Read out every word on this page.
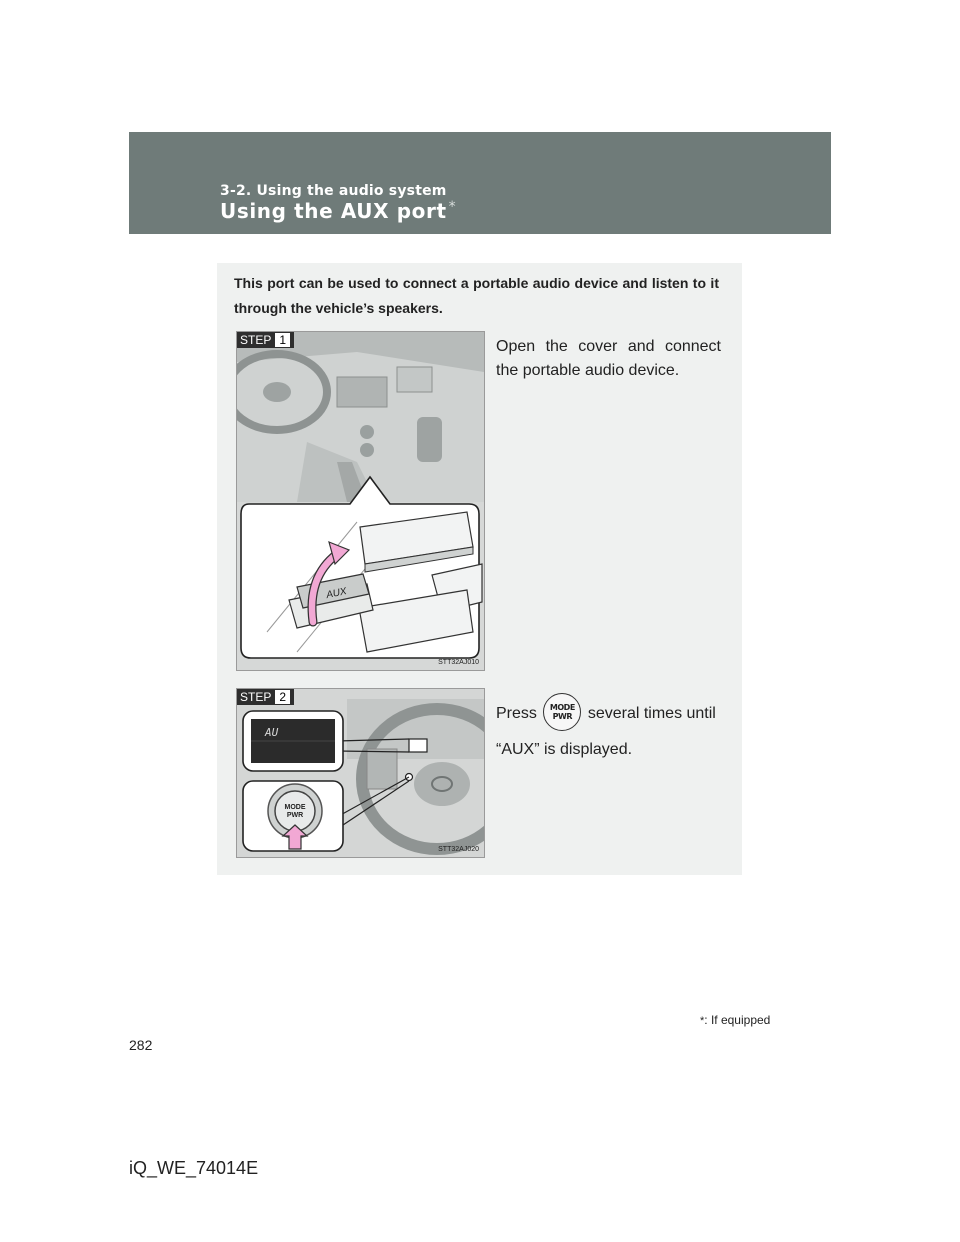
3-2. Using the audio system
Using the AUX port *
This port can be used to connect a portable audio device and listen to it through the vehicle’s speakers.
STEP 1
AUX
STT32AJ010
Open the cover and connect the portable audio device.
STEP 2
AU
MODE
PWR
STT32AJ020
Press	MODE
PWR several times until
“AUX” is displayed.
*: If equipped
282
iQ_WE_74014E
